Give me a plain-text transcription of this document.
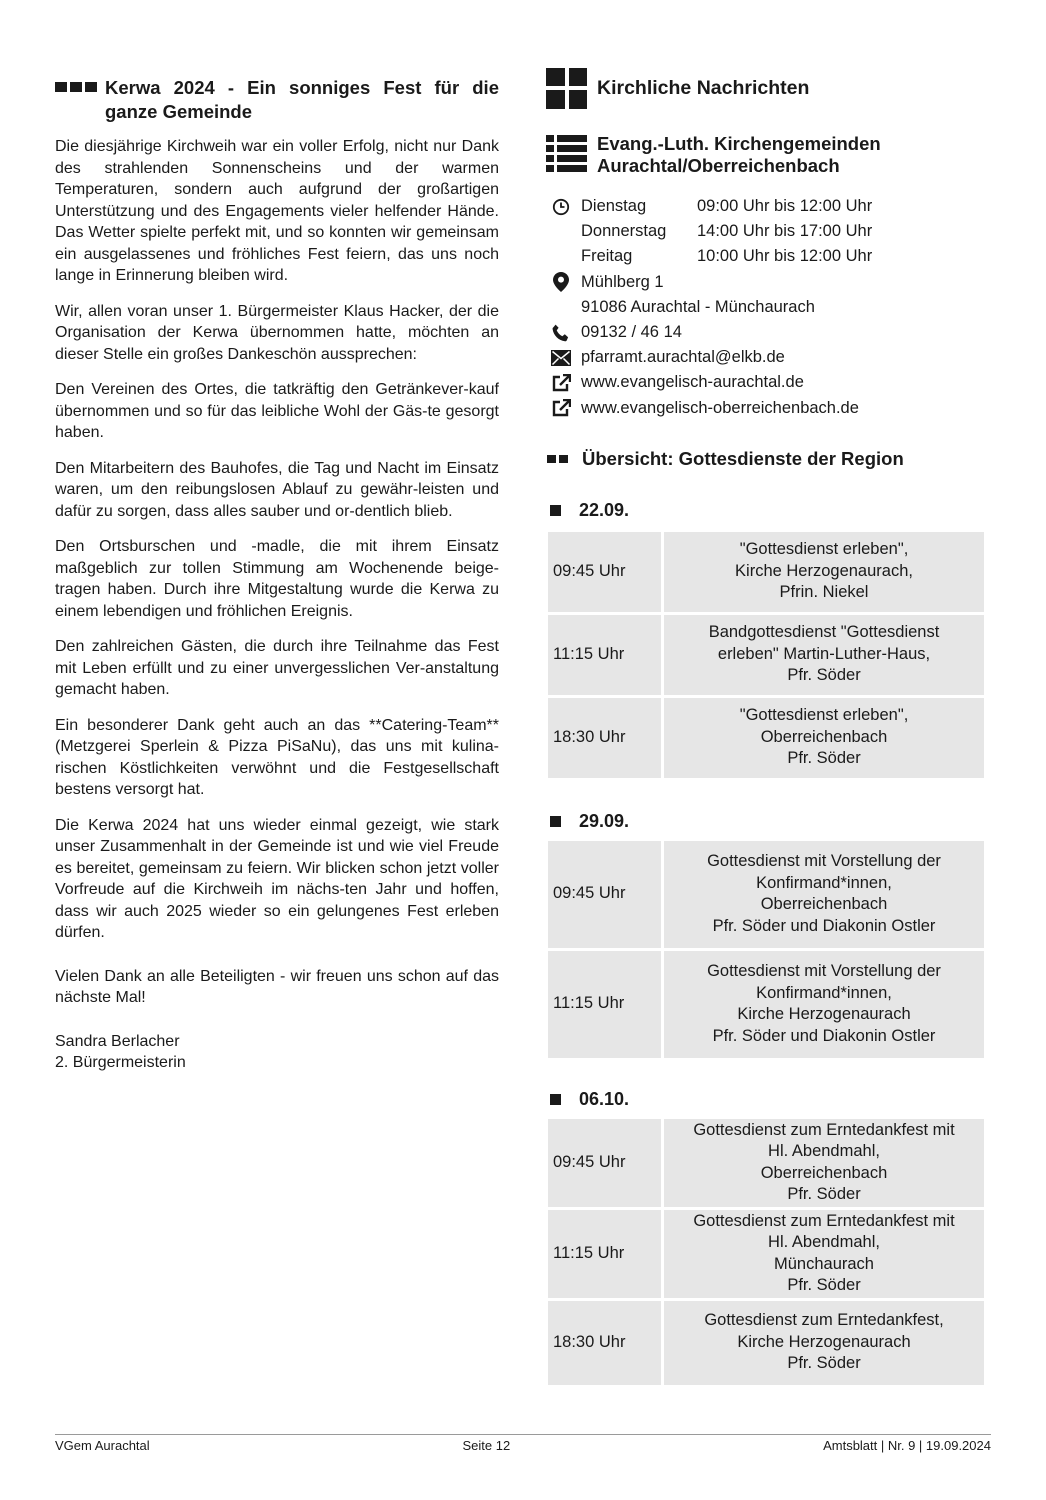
Kerwa 2024 - Ein sonniges Fest für die ganze Gemeinde

Die diesjährige Kirchweih war ein voller Erfolg, nicht nur Dank des strahlenden Sonnenscheins und der warmen Temperaturen, sondern auch aufgrund der großartigen Unterstützung und des Engagements vieler helfender Hände. Das Wetter spielte perfekt mit, und so konnten wir gemeinsam ein ausgelassenes und fröhliches Fest feiern, das uns noch lange in Erinnerung bleiben wird.

Wir, allen voran unser 1. Bürgermeister Klaus Hacker, der die Organisation der Kerwa übernommen hatte, möchten an dieser Stelle ein großes Dankeschön aussprechen:

Den Vereinen des Ortes, die tatkräftig den Getränkever-kauf übernommen und so für das leibliche Wohl der Gäs-te gesorgt haben.

Den Mitarbeitern des Bauhofes, die Tag und Nacht im Einsatz waren, um den reibungslosen Ablauf zu gewähr-leisten und dafür zu sorgen, dass alles sauber und or-dentlich blieb.

Den Ortsburschen und -madle, die mit ihrem Einsatz maßgeblich zur tollen Stimmung am Wochenende beige-tragen haben. Durch ihre Mitgestaltung wurde die Kerwa zu einem lebendigen und fröhlichen Ereignis.

Den zahlreichen Gästen, die durch ihre Teilnahme das Fest mit Leben erfüllt und zu einer unvergesslichen Ver-anstaltung gemacht haben.

Ein besonderer Dank geht auch an das **Catering-Team** (Metzgerei Sperlein & Pizza PiSaNu), das uns mit kulina-rischen Köstlichkeiten verwöhnt und die Festgesellschaft bestens versorgt hat.

Die Kerwa 2024 hat uns wieder einmal gezeigt, wie stark unser Zusammenhalt in der Gemeinde ist und wie viel Freude es bereitet, gemeinsam zu feiern. Wir blicken schon jetzt voller Vorfreude auf die Kirchweih im nächs-ten Jahr und hoffen, dass wir auch 2025 wieder so ein gelungenes Fest erleben dürfen.

Vielen Dank an alle Beteiligten - wir freuen uns schon auf das nächste Mal!

Sandra Berlacher
2. Bürgermeisterin

Kirchliche Nachrichten
Evang.-Luth. Kirchengemeinden
Aurachtal/Oberreichenbach
Dienstag	09:00 Uhr bis 12:00 Uhr
Donnerstag	14:00 Uhr bis 17:00 Uhr
Freitag	10:00 Uhr bis 12:00 Uhr
Mühlberg 1
91086 Aurachtal - Münchaurach
09132 / 46 14
pfarramt.aurachtal@elkb.de
www.evangelisch-aurachtal.de
www.evangelisch-oberreichenbach.de
Übersicht: Gottesdienste der Region
22.09.
09:45 Uhr	"Gottesdienst erleben",
Kirche Herzogenaurach,
Pfrin. Niekel

11:15 Uhr	Bandgottesdienst "Gottesdienst
erleben" Martin-Luther-Haus,
Pfr. Söder

18:30 Uhr	"Gottesdienst erleben",
Oberreichenbach
Pfr. Söder
29.09.
09:45 Uhr	Gottesdienst mit Vorstellung der
Konfirmand*innen,
Oberreichenbach
Pfr. Söder und Diakonin Ostler

11:15 Uhr	Gottesdienst mit Vorstellung der
Konfirmand*innen,
Kirche Herzogenaurach
Pfr. Söder und Diakonin Ostler
06.10.
09:45 Uhr	Gottesdienst zum Erntedankfest mit
Hl. Abendmahl,
Oberreichenbach
Pfr. Söder

11:15 Uhr	Gottesdienst zum Erntedankfest mit
Hl. Abendmahl,
Münchaurach
Pfr. Söder

18:30 Uhr	Gottesdienst zum Erntedankfest,
Kirche Herzogenaurach
Pfr. Söder
VGem Aurachtal	Seite 12	Amtsblatt | Nr. 9 | 19.09.2024
